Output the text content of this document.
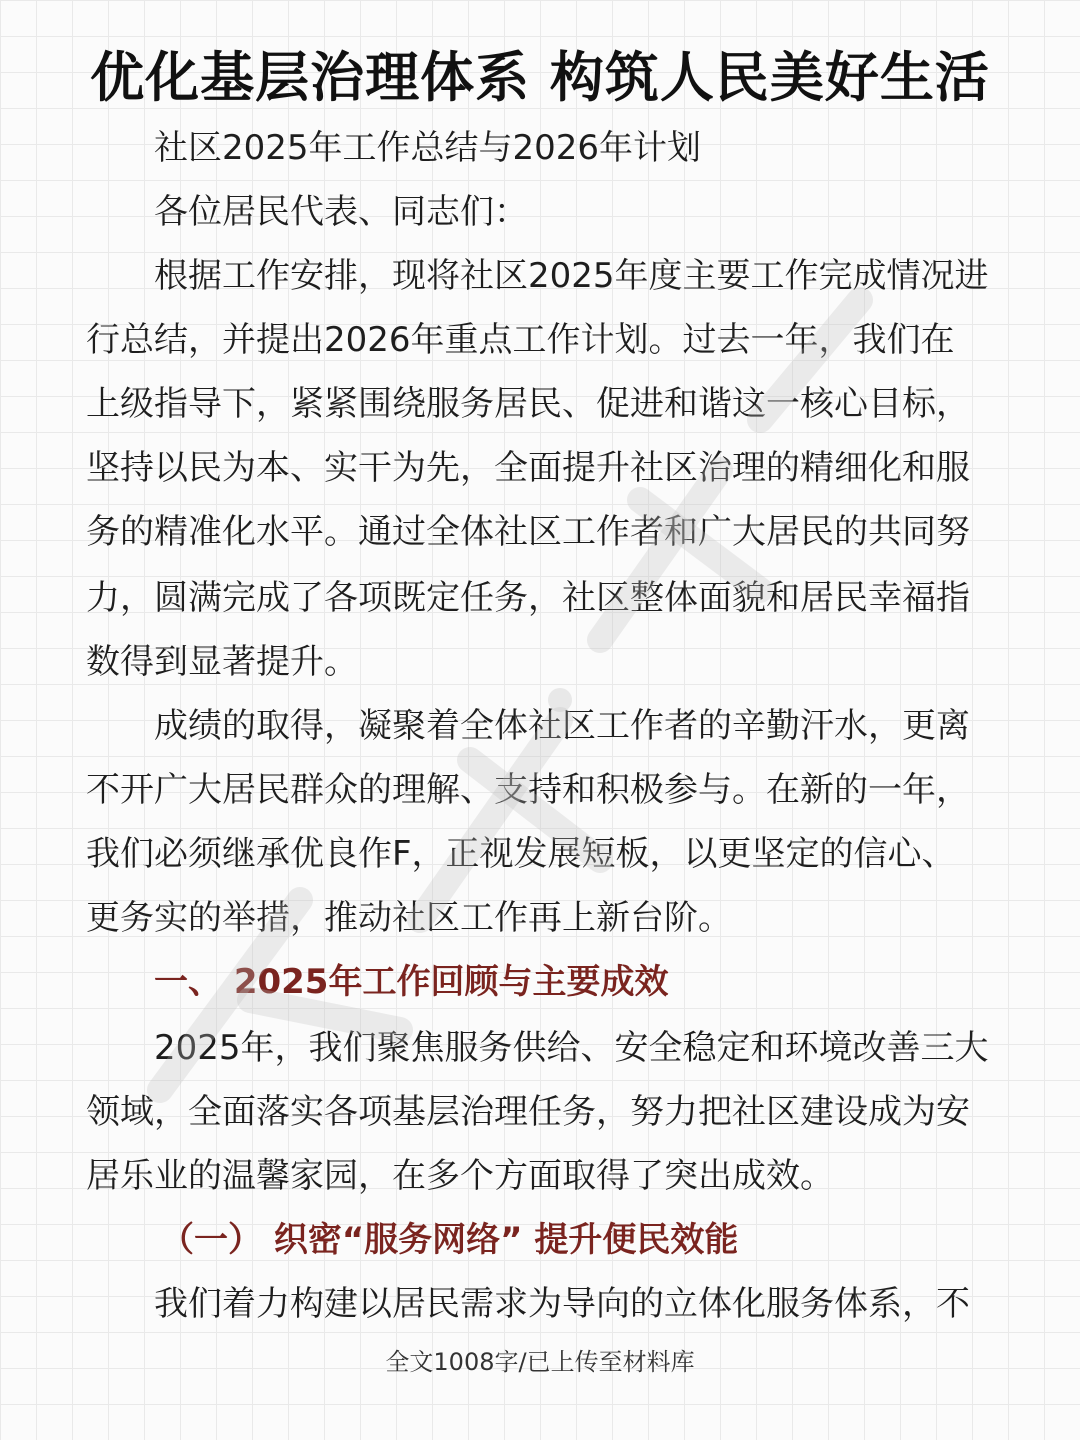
优化基层治理体系 构筑人民美好生活
社区2025年工作总结与2026年计划
各位居民代表、同志们：
根据工作安排，现将社区2025年度主要工作完成情况进
行总结，并提出2026年重点工作计划。过去一年，我们在
上级指导下，紧紧围绕服务居民、促进和谐这一核心目标，
坚持以民为本、实干为先，全面提升社区治理的精细化和服
务的精准化水平。通过全体社区工作者和广大居民的共同努
力，圆满完成了各项既定任务，社区整体面貌和居民幸福指
数得到显著提升。
成绩的取得，凝聚着全体社区工作者的辛勤汗水，更离
不开广大居民群众的理解、支持和积极参与。在新的一年，
我们必须继承优良作F，正视发展短板，以更坚定的信心、
更务实的举措，推动社区工作再上新台阶。
一、 2025年工作回顾与主要成效
2025年，我们聚焦服务供给、安全稳定和环境改善三大
领域，全面落实各项基层治理任务，努力把社区建设成为安
居乐业的温馨家园，在多个方面取得了突出成效。
（一） 织密“服务网络” 提升便民效能
我们着力构建以居民需求为导向的立体化服务体系，不
全文1008字/已上传至材料库
